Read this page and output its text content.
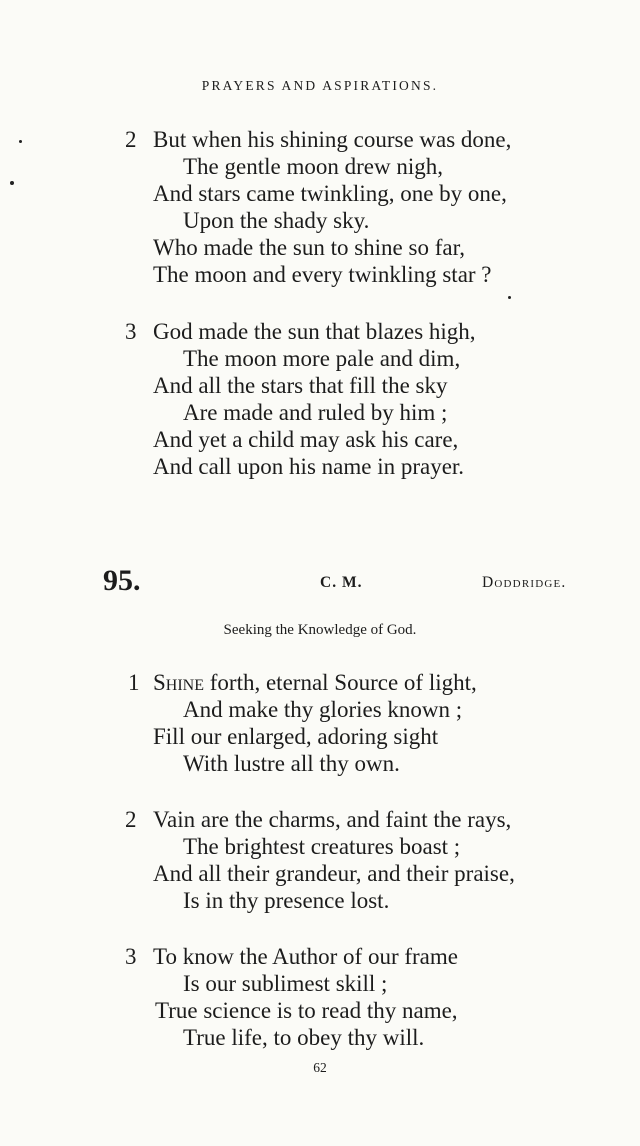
PRAYERS AND ASPIRATIONS.
2 But when his shining course was done,
The gentle moon drew nigh,
And stars came twinkling, one by one,
Upon the shady sky.
Who made the sun to shine so far,
The moon and every twinkling star ?
3 God made the sun that blazes high,
The moon more pale and dim,
And all the stars that fill the sky
Are made and ruled by him ;
And yet a child may ask his care,
And call upon his name in prayer.
95.	C. M.	Doddridge.
Seeking the Knowledge of God.
1 Shine forth, eternal Source of light,
And make thy glories known ;
Fill our enlarged, adoring sight
With lustre all thy own.
2 Vain are the charms, and faint the rays,
The brightest creatures boast ;
And all their grandeur, and their praise,
Is in thy presence lost.
3 To know the Author of our frame
Is our sublimest skill ;
True science is to read thy name,
True life, to obey thy will.
62
